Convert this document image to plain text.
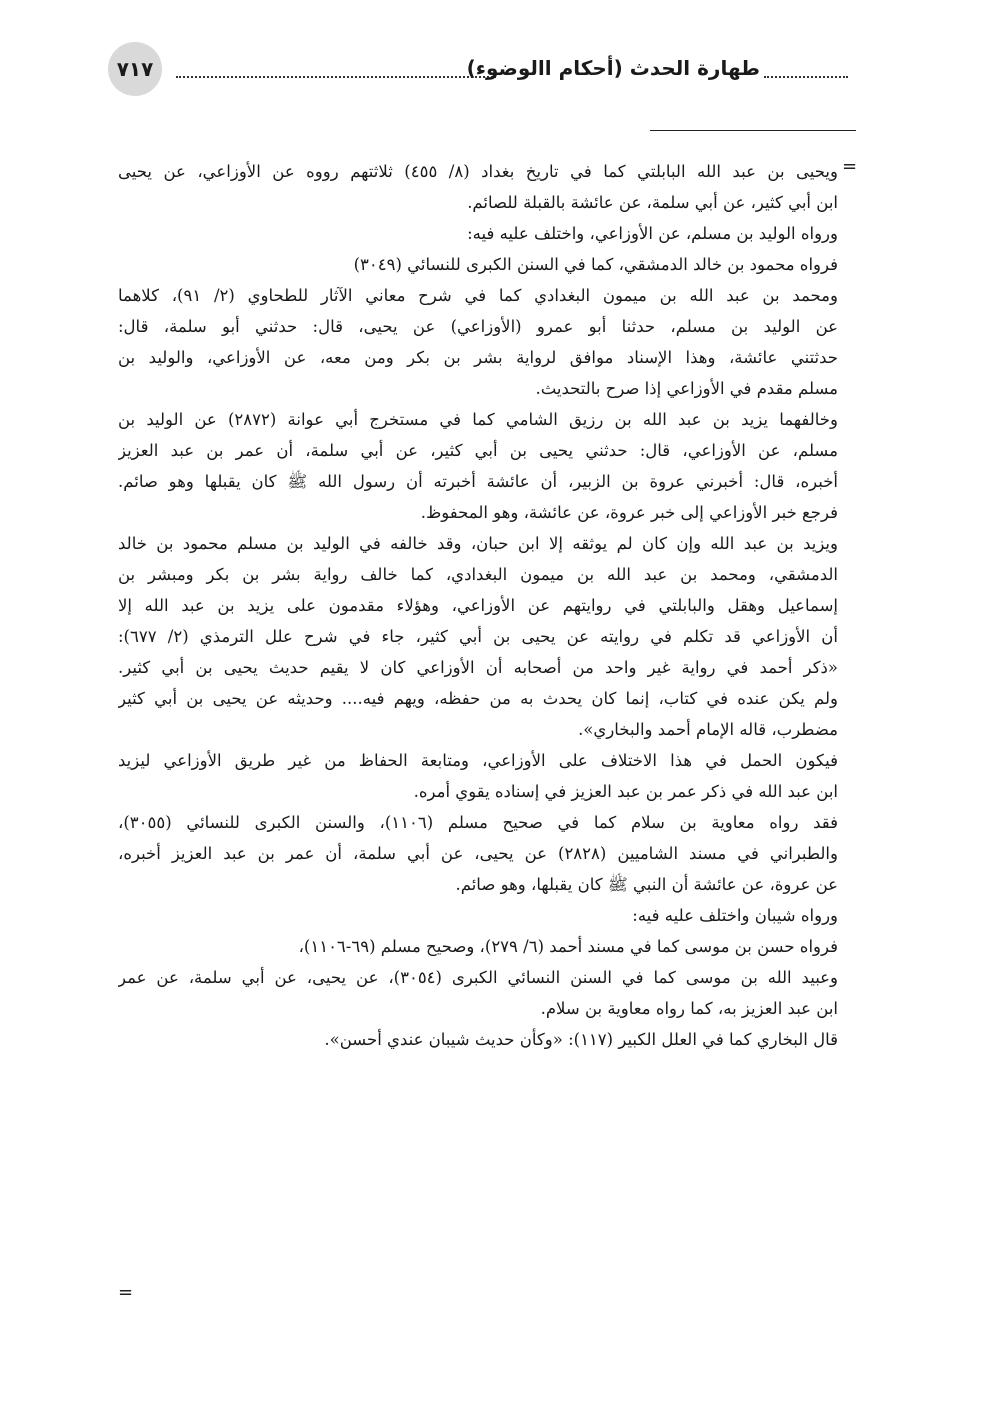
٧١٧	طهارة الحدث (أحكام االوضوء)
=

ويحيى بن عبد الله البابلتي كما في تاريخ بغداد (٨/ ٤٥٥) ثلاثتهم رووه عن الأوزاعي، عن يحيى

ابن أبي كثير، عن أبي سلمة، عن عائشة بالقبلة للصائم.

ورواه الوليد بن مسلم، عن الأوزاعي، واختلف عليه فيه:

فرواه محمود بن خالد الدمشقي، كما في السنن الكبرى للنسائي (٣٠٤٩)

ومحمد بن عبد الله بن ميمون البغدادي كما في شرح معاني الآثار للطحاوي (٢/ ٩١)، كلاهما

عن الوليد بن مسلم، حدثنا أبو عمرو (الأوزاعي) عن يحيى، قال: حدثني أبو سلمة، قال:

حدثتني عائشة، وهذا الإسناد موافق لرواية بشر بن بكر ومن معه، عن الأوزاعي، والوليد بن

مسلم مقدم في الأوزاعي إذا صرح بالتحديث.

وخالفهما يزيد بن عبد الله بن رزيق الشامي كما في مستخرج أبي عوانة (٢٨٧٢) عن الوليد بن

مسلم، عن الأوزاعي، قال: حدثني يحيى بن أبي كثير، عن أبي سلمة، أن عمر بن عبد العزيز

أخبره، قال: أخبرني عروة بن الزبير، أن عائشة أخبرته أن رسول الله ﷺ كان يقبلها وهو صائم.

فرجع خبر الأوزاعي إلى خبر عروة، عن عائشة، وهو المحفوظ.

ويزيد بن عبد الله وإن كان لم يوثقه إلا ابن حبان، وقد خالفه في الوليد بن مسلم محمود بن خالد

الدمشقي، ومحمد بن عبد الله بن ميمون البغدادي، كما خالف رواية بشر بن بكر ومبشر بن

إسماعيل وهقل والبابلتي في روايتهم عن الأوزاعي، وهؤلاء مقدمون على يزيد بن عبد الله إلا

أن الأوزاعي قد تكلم في روايته عن يحيى بن أبي كثير، جاء في شرح علل الترمذي (٢/ ٦٧٧):

«ذكر أحمد في رواية غير واحد من أصحابه أن الأوزاعي كان لا يقيم حديث يحيى بن أبي كثير.

ولم يكن عنده في كتاب، إنما كان يحدث به من حفظه، ويهم فيه.... وحديثه عن يحيى بن أبي كثير

مضطرب، قاله الإمام أحمد والبخاري».

فيكون الحمل في هذا الاختلاف على الأوزاعي، ومتابعة الحفاظ من غير طريق الأوزاعي ليزيد

ابن عبد الله في ذكر عمر بن عبد العزيز في إسناده يقوي أمره.

فقد رواه معاوية بن سلام كما في صحيح مسلم (١١٠٦)، والسنن الكبرى للنسائي (٣٠٥٥)،

والطبراني في مسند الشاميين (٢٨٢٨) عن يحيى، عن أبي سلمة، أن عمر بن عبد العزيز أخبره،

عن عروة، عن عائشة أن النبي ﷺ كان يقبلها، وهو صائم.

ورواه شيبان واختلف عليه فيه:

فرواه حسن بن موسى كما في مسند أحمد (٦/ ٢٧٩)، وصحيح مسلم (٦٩-١١٠٦)،

وعبيد الله بن موسى كما في السنن النسائي الكبرى (٣٠٥٤)، عن يحيى، عن أبي سلمة، عن عمر

ابن عبد العزيز به، كما رواه معاوية بن سلام.

قال البخاري كما في العلل الكبير (١١٧): «وكأن حديث شيبان عندي أحسن».

=
